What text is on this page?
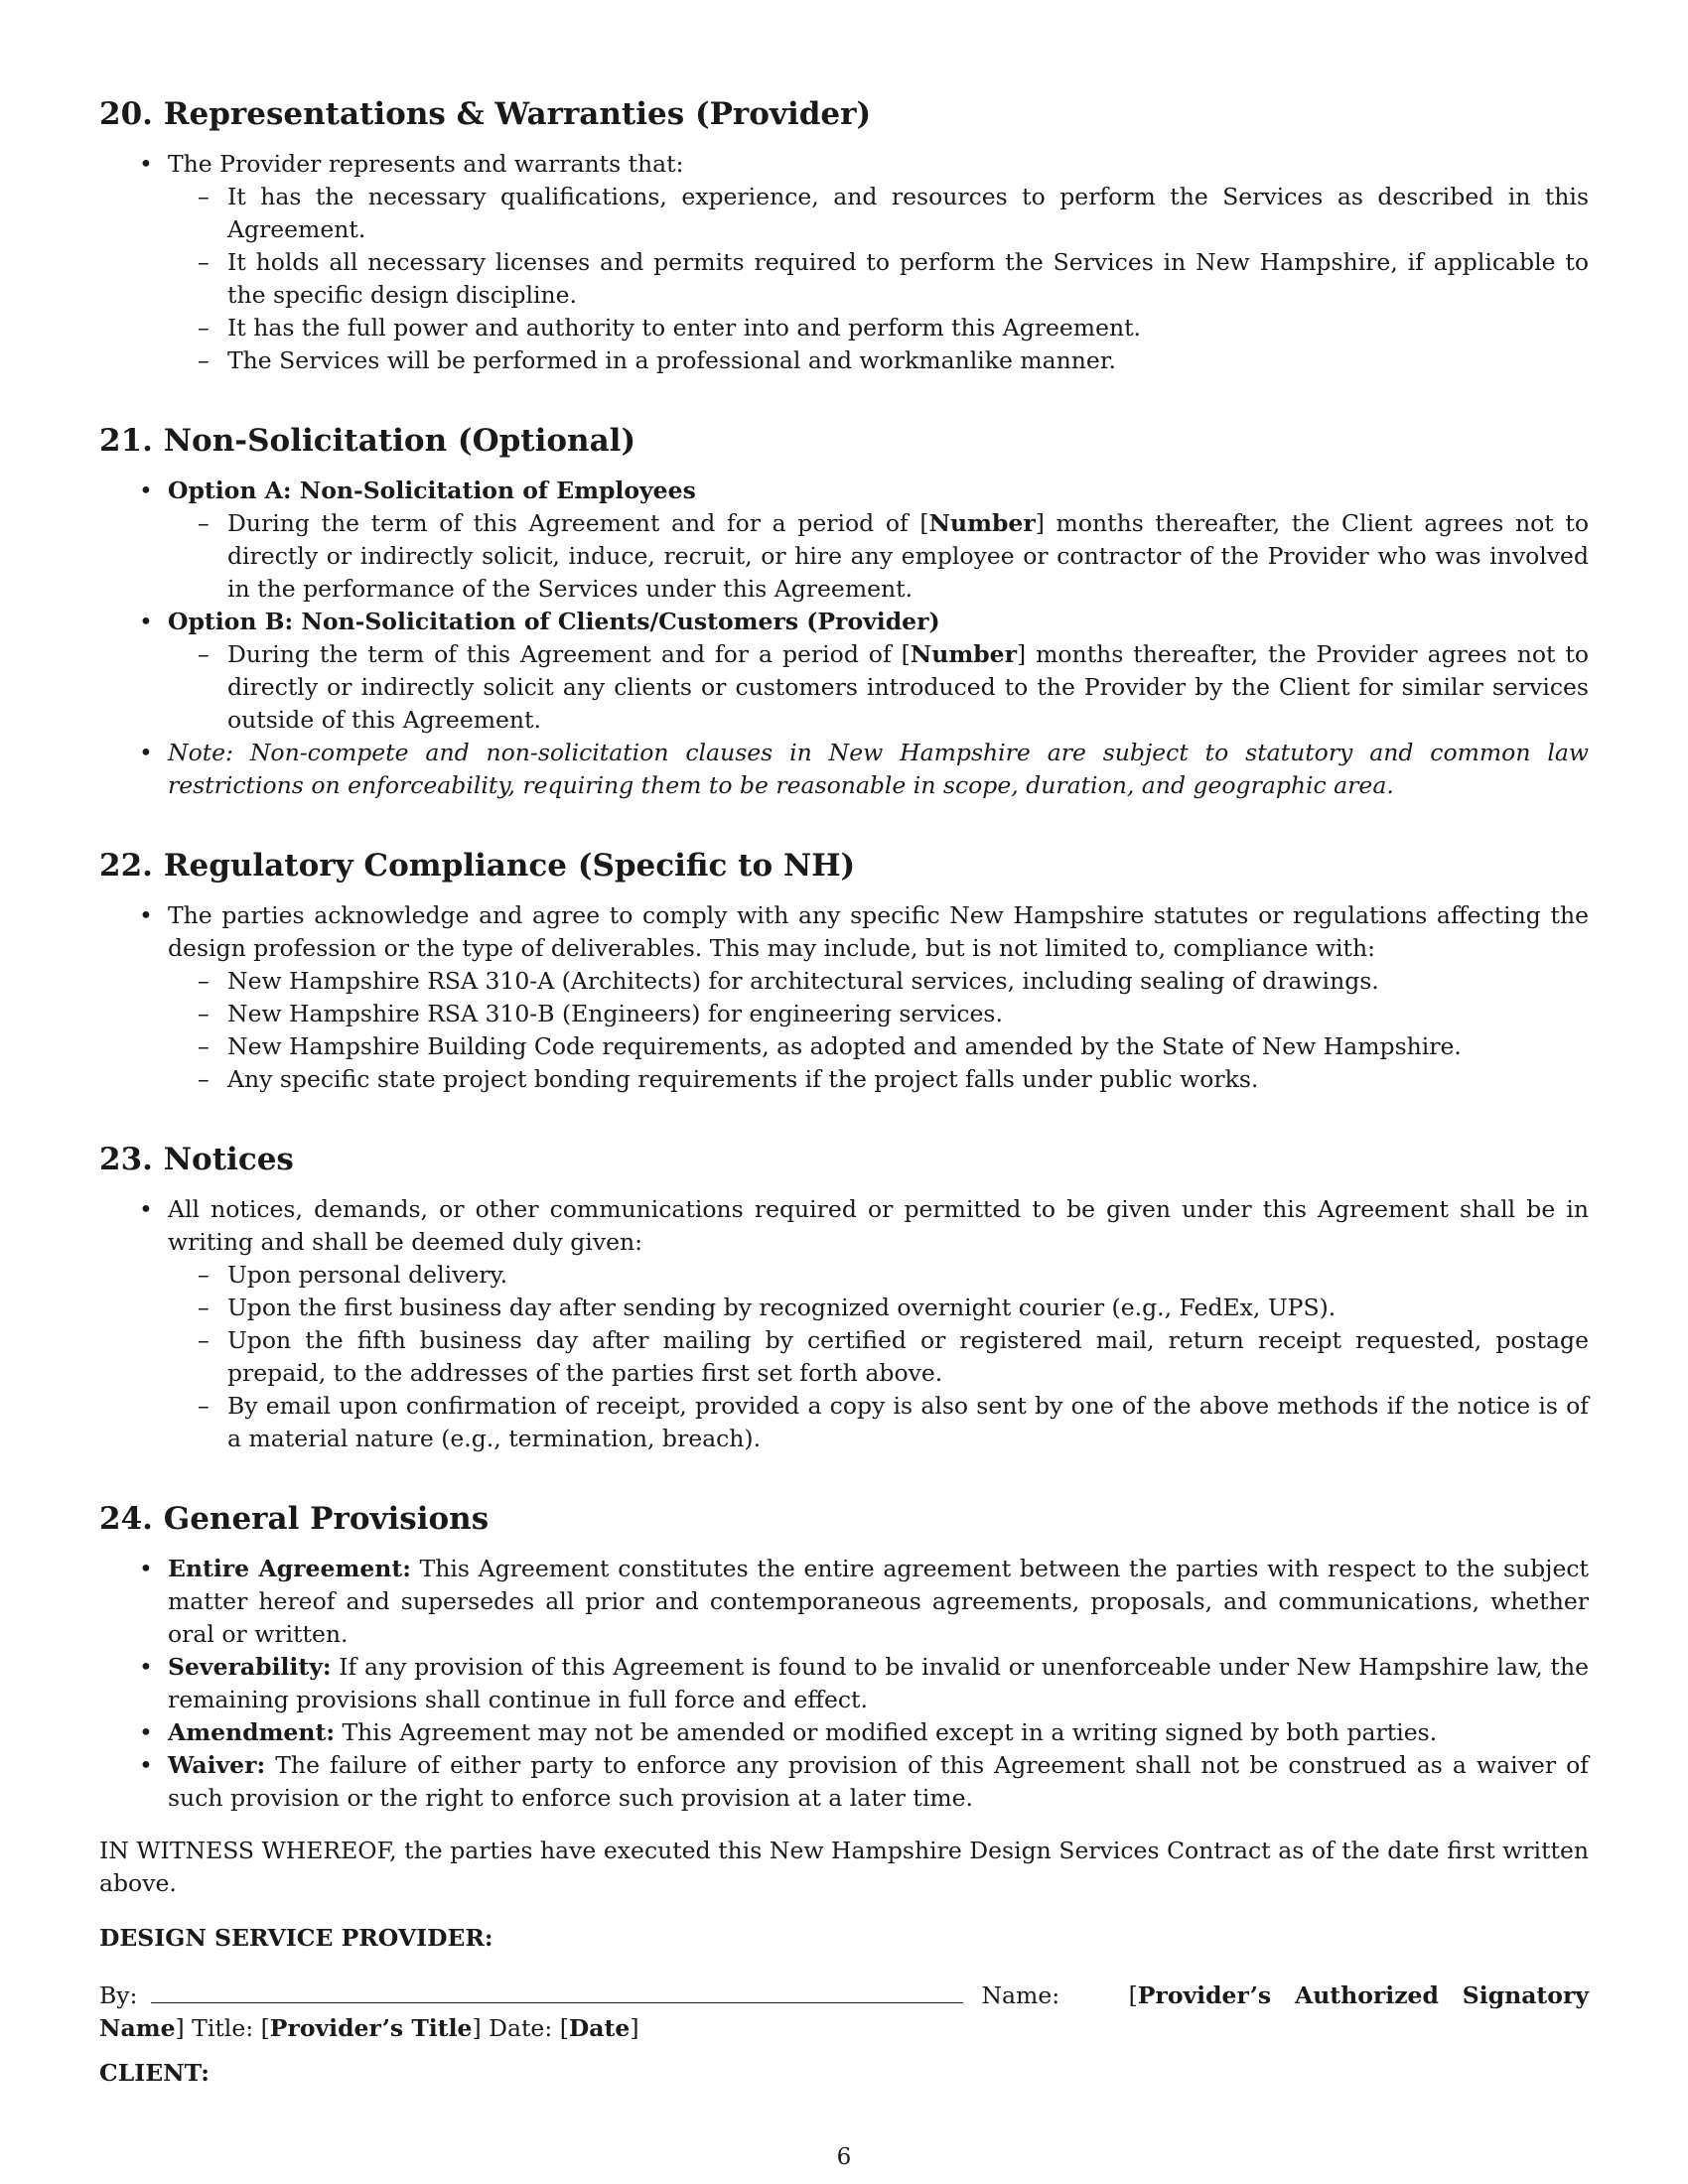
20. Representations & Warranties (Provider)
• The Provider represents and warrants that:
– It has the necessary qualifications, experience, and resources to perform the Services as described in this Agreement.
– It holds all necessary licenses and permits required to perform the Services in New Hampshire, if applicable to the specific design discipline.
– It has the full power and authority to enter into and perform this Agreement.
– The Services will be performed in a professional and workmanlike manner.
21. Non-Solicitation (Optional)
• Option A: Non-Solicitation of Employees
– During the term of this Agreement and for a period of [Number] months thereafter, the Client agrees not to directly or indirectly solicit, induce, recruit, or hire any employee or contractor of the Provider who was involved in the performance of the Services under this Agreement.
• Option B: Non-Solicitation of Clients/Customers (Provider)
– During the term of this Agreement and for a period of [Number] months thereafter, the Provider agrees not to directly or indirectly solicit any clients or customers introduced to the Provider by the Client for similar services outside of this Agreement.
• Note: Non-compete and non-solicitation clauses in New Hampshire are subject to statutory and common law restrictions on enforceability, requiring them to be reasonable in scope, duration, and geographic area.
22. Regulatory Compliance (Specific to NH)
• The parties acknowledge and agree to comply with any specific New Hampshire statutes or regulations affecting the design profession or the type of deliverables. This may include, but is not limited to, compliance with:
– New Hampshire RSA 310-A (Architects) for architectural services, including sealing of drawings.
– New Hampshire RSA 310-B (Engineers) for engineering services.
– New Hampshire Building Code requirements, as adopted and amended by the State of New Hampshire.
– Any specific state project bonding requirements if the project falls under public works.
23. Notices
• All notices, demands, or other communications required or permitted to be given under this Agreement shall be in writing and shall be deemed duly given:
– Upon personal delivery.
– Upon the first business day after sending by recognized overnight courier (e.g., FedEx, UPS).
– Upon the fifth business day after mailing by certified or registered mail, return receipt requested, postage prepaid, to the addresses of the parties first set forth above.
– By email upon confirmation of receipt, provided a copy is also sent by one of the above methods if the notice is of a material nature (e.g., termination, breach).
24. General Provisions
• Entire Agreement: This Agreement constitutes the entire agreement between the parties with respect to the subject matter hereof and supersedes all prior and contemporaneous agreements, proposals, and communications, whether oral or written.
• Severability: If any provision of this Agreement is found to be invalid or unenforceable under New Hampshire law, the remaining provisions shall continue in full force and effect.
• Amendment: This Agreement may not be amended or modified except in a writing signed by both parties.
• Waiver: The failure of either party to enforce any provision of this Agreement shall not be construed as a waiver of such provision or the right to enforce such provision at a later time.

IN WITNESS WHEREOF, the parties have executed this New Hampshire Design Services Contract as of the date first written above.

DESIGN SERVICE PROVIDER:
By:	Name:   [Provider’s Authorized Signatory Name] Title: [Provider’s Title] Date: [Date]
CLIENT:
6
